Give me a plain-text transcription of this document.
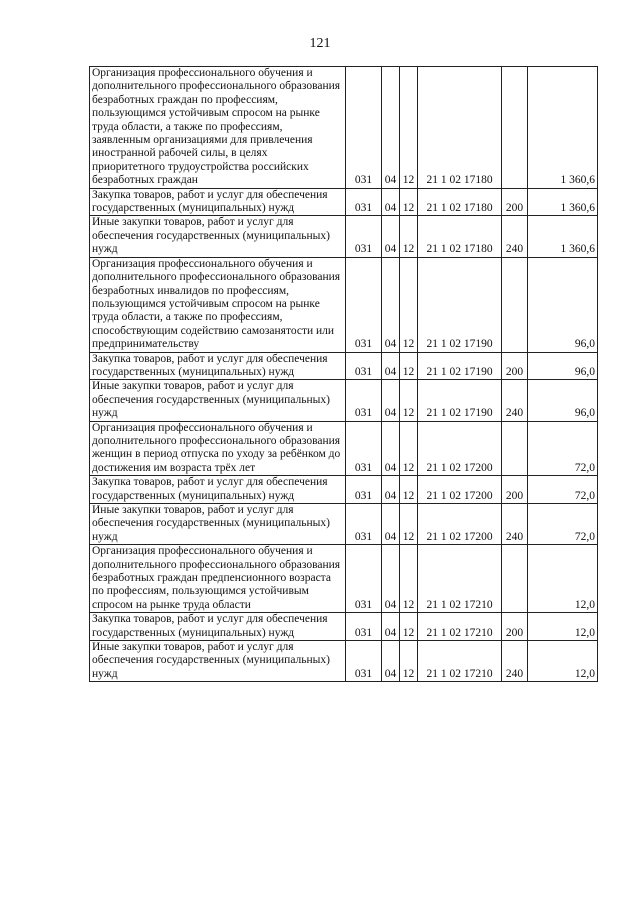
121
Организация профессионального обучения и дополнительного профессионального образования безработных граждан по профессиям, пользующимся устойчивым спросом на рынке труда области, а также по профессиям, заявленным организациями для привлечения иностранной рабочей силы, в целях приоритетного трудоустройства российских безработных граждан	031	04	12	21 1 02 17180		1 360,6
Закупка товаров, работ и услуг для обеспечения государственных (муниципальных) нужд	031	04	12	21 1 02 17180	200	1 360,6
Иные закупки товаров, работ и услуг для обеспечения государственных (муниципальных) нужд	031	04	12	21 1 02 17180	240	1 360,6
Организация профессионального обучения и дополнительного профессионального образования безработных инвалидов по профессиям, пользующимся устойчивым спросом на рынке труда области, а также по профессиям, способствующим содействию самозанятости или предпринимательству	031	04	12	21 1 02 17190		96,0
Закупка товаров, работ и услуг для обеспечения государственных (муниципальных) нужд	031	04	12	21 1 02 17190	200	96,0
Иные закупки товаров, работ и услуг для обеспечения государственных (муниципальных) нужд	031	04	12	21 1 02 17190	240	96,0
Организация профессионального обучения и дополнительного профессионального образования женщин в период отпуска по уходу за ребёнком до достижения им возраста трёх лет	031	04	12	21 1 02 17200		72,0
Закупка товаров, работ и услуг для обеспечения государственных (муниципальных) нужд	031	04	12	21 1 02 17200	200	72,0
Иные закупки товаров, работ и услуг для обеспечения государственных (муниципальных) нужд	031	04	12	21 1 02 17200	240	72,0
Организация профессионального обучения и дополнительного профессионального образования безработных граждан предпенсионного возраста по профессиям, пользующимся устойчивым спросом на рынке труда области	031	04	12	21 1 02 17210		12,0
Закупка товаров, работ и услуг для обеспечения государственных (муниципальных) нужд	031	04	12	21 1 02 17210	200	12,0
Иные закупки товаров, работ и услуг для обеспечения государственных (муниципальных) нужд	031	04	12	21 1 02 17210	240	12,0
